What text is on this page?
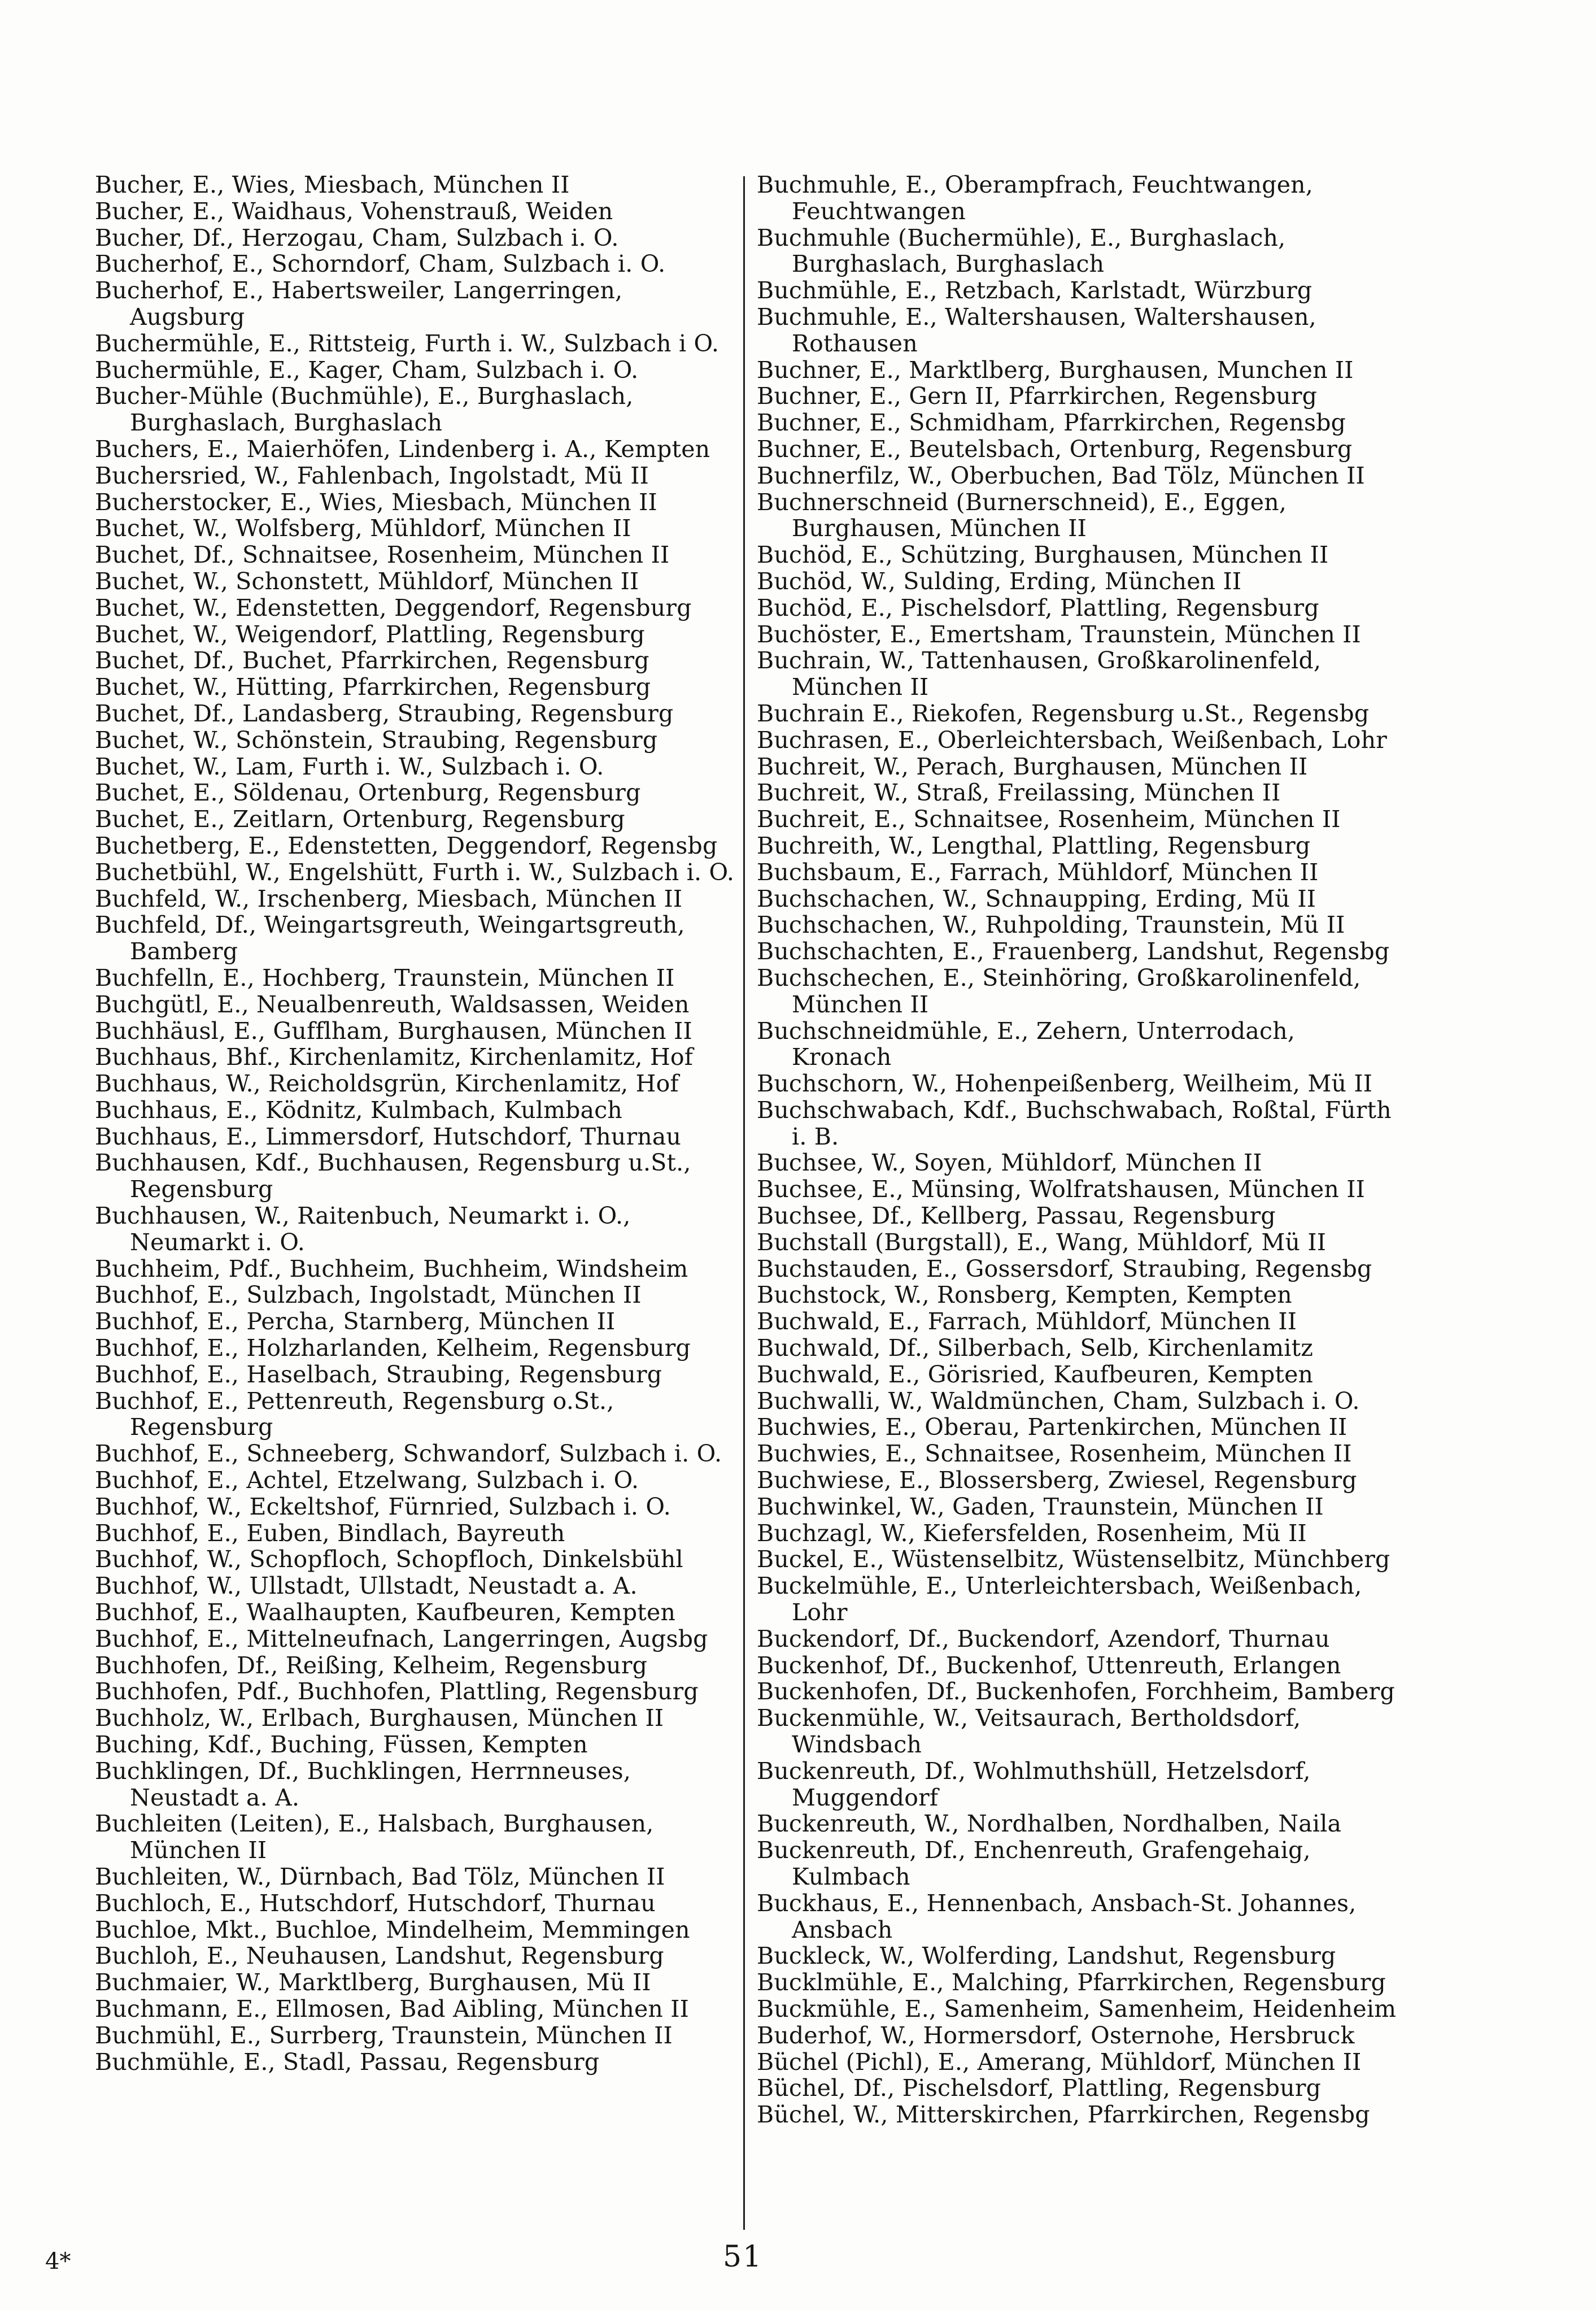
Bucher, E., Wies, Miesbach, München II
Bucher, E., Waidhaus, Vohenstrauß, Weiden
Bucher, Df., Herzogau, Cham, Sulzbach i. O.
Bucherhof, E., Schorndorf, Cham, Sulzbach i. O.
Bucherhof, E., Habertsweiler, Langerringen, Augsburg
Buchermühle, E., Rittsteig, Furth i. W., Sulzbach i O.
Buchermühle, E., Kager, Cham, Sulzbach i. O.
Bucher-Mühle (Buchmühle), E., Burghaslach, Burghaslach, Burghaslach
Buchers, E., Maierhöfen, Lindenberg i. A., Kempten
Buchersried, W., Fahlenbach, Ingolstadt, Mü II
Bucherstocker, E., Wies, Miesbach, München II
Buchet, W., Wolfsberg, Mühldorf, München II
Buchet, Df., Schnaitsee, Rosenheim, München II
Buchet, W., Schonstett, Mühldorf, München II
Buchet, W., Edenstetten, Deggendorf, Regensburg
Buchet, W., Weigendorf, Plattling, Regensburg
Buchet, Df., Buchet, Pfarrkirchen, Regensburg
Buchet, W., Hütting, Pfarrkirchen, Regensburg
Buchet, Df., Landasberg, Straubing, Regensburg
Buchet, W., Schönstein, Straubing, Regensburg
Buchet, W., Lam, Furth i. W., Sulzbach i. O.
Buchet, E., Söldenau, Ortenburg, Regensburg
Buchet, E., Zeitlarn, Ortenburg, Regensburg
Buchetberg, E., Edenstetten, Deggendorf, Regensbg
Buchetbühl, W., Engelshütt, Furth i. W., Sulzbach i. O.
Buchfeld, W., Irschenberg, Miesbach, München II
Buchfeld, Df., Weingartsgreuth, Weingartsgreuth, Bamberg
Buchfelln, E., Hochberg, Traunstein, München II
Buchgütl, E., Neualbenreuth, Waldsassen, Weiden
Buchhäusl, E., Gufflham, Burghausen, München II
Buchhaus, Bhf., Kirchenlamitz, Kirchenlamitz, Hof
Buchhaus, W., Reicholdsgrün, Kirchenlamitz, Hof
Buchhaus, E., Ködnitz, Kulmbach, Kulmbach
Buchhaus, E., Limmersdorf, Hutschdorf, Thurnau
Buchhausen, Kdf., Buchhausen, Regensburg u.St., Regensburg
Buchhausen, W., Raitenbuch, Neumarkt i. O., Neumarkt i. O.
Buchheim, Pdf., Buchheim, Buchheim, Windsheim
Buchhof, E., Sulzbach, Ingolstadt, München II
Buchhof, E., Percha, Starnberg, München II
Buchhof, E., Holzharlanden, Kelheim, Regensburg
Buchhof, E., Haselbach, Straubing, Regensburg
Buchhof, E., Pettenreuth, Regensburg o.St., Regensburg
Buchhof, E., Schneeberg, Schwandorf, Sulzbach i. O.
Buchhof, E., Achtel, Etzelwang, Sulzbach i. O.
Buchhof, W., Eckeltshof, Fürnried, Sulzbach i. O.
Buchhof, E., Euben, Bindlach, Bayreuth
Buchhof, W., Schopfloch, Schopfloch, Dinkelsbühl
Buchhof, W., Ullstadt, Ullstadt, Neustadt a. A.
Buchhof, E., Waalhaupten, Kaufbeuren, Kempten
Buchhof, E., Mittelneufnach, Langerringen, Augsbg
Buchhofen, Df., Reißing, Kelheim, Regensburg
Buchhofen, Pdf., Buchhofen, Plattling, Regensburg
Buchholz, W., Erlbach, Burghausen, München II
Buching, Kdf., Buching, Füssen, Kempten
Buchklingen, Df., Buchklingen, Herrnneuses, Neustadt a. A.
Buchleiten (Leiten), E., Halsbach, Burghausen, München II
Buchleiten, W., Dürnbach, Bad Tölz, München II
Buchloch, E., Hutschdorf, Hutschdorf, Thurnau
Buchloe, Mkt., Buchloe, Mindelheim, Memmingen
Buchloh, E., Neuhausen, Landshut, Regensburg
Buchmaier, W., Marktlberg, Burghausen, Mü II
Buchmann, E., Ellmosen, Bad Aibling, München II
Buchmühl, E., Surrberg, Traunstein, München II
Buchmühle, E., Stadl, Passau, Regensburg
Buchmuhle, E., Oberampfrach, Feuchtwangen, Feuchtwangen
Buchmuhle (Buchermühle), E., Burghaslach, Burghaslach, Burghaslach
Buchmühle, E., Retzbach, Karlstadt, Würzburg
Buchmuhle, E., Waltershausen, Waltershausen, Rothausen
Buchner, E., Marktlberg, Burghausen, Munchen II
Buchner, E., Gern II, Pfarrkirchen, Regensburg
Buchner, E., Schmidham, Pfarrkirchen, Regensbg
Buchner, E., Beutelsbach, Ortenburg, Regensburg
Buchnerfilz, W., Oberbuchen, Bad Tölz, München II
Buchnerschneid (Burnerschneid), E., Eggen, Burghausen, München II
Buchöd, E., Schützing, Burghausen, München II
Buchöd, W., Sulding, Erding, München II
Buchöd, E., Pischelsdorf, Plattling, Regensburg
Buchöster, E., Emertsham, Traunstein, München II
Buchrain, W., Tattenhausen, Großkarolinenfeld, München II
Buchrain E., Riekofen, Regensburg u.St., Regensbg
Buchrasen, E., Oberleichtersbach, Weißenbach, Lohr
Buchreit, W., Perach, Burghausen, München II
Buchreit, W., Straß, Freilassing, München II
Buchreit, E., Schnaitsee, Rosenheim, München II
Buchreith, W., Lengthal, Plattling, Regensburg
Buchsbaum, E., Farrach, Mühldorf, München II
Buchschachen, W., Schnaupping, Erding, Mü II
Buchschachen, W., Ruhpolding, Traunstein, Mü II
Buchschachten, E., Frauenberg, Landshut, Regensbg
Buchschechen, E., Steinhöring, Großkarolinenfeld, München II
Buchschneidmühle, E., Zehern, Unterrodach, Kronach
Buchschorn, W., Hohenpeißenberg, Weilheim, Mü II
Buchschwabach, Kdf., Buchschwabach, Roßtal, Fürth i. B.
Buchsee, W., Soyen, Mühldorf, München II
Buchsee, E., Münsing, Wolfratshausen, München II
Buchsee, Df., Kellberg, Passau, Regensburg
Buchstall (Burgstall), E., Wang, Mühldorf, Mü II
Buchstauden, E., Gossersdorf, Straubing, Regensbg
Buchstock, W., Ronsberg, Kempten, Kempten
Buchwald, E., Farrach, Mühldorf, München II
Buchwald, Df., Silberbach, Selb, Kirchenlamitz
Buchwald, E., Görisried, Kaufbeuren, Kempten
Buchwalli, W., Waldmünchen, Cham, Sulzbach i. O.
Buchwies, E., Oberau, Partenkirchen, München II
Buchwies, E., Schnaitsee, Rosenheim, München II
Buchwiese, E., Blossersberg, Zwiesel, Regensburg
Buchwinkel, W., Gaden, Traunstein, München II
Buchzagl, W., Kiefersfelden, Rosenheim, Mü II
Buckel, E., Wüstenselbitz, Wüstenselbitz, Münchberg
Buckelmühle, E., Unterleichtersbach, Weißenbach, Lohr
Buckendorf, Df., Buckendorf, Azendorf, Thurnau
Buckenhof, Df., Buckenhof, Uttenreuth, Erlangen
Buckenhofen, Df., Buckenhofen, Forchheim, Bamberg
Buckenmühle, W., Veitsaurach, Bertholdsdorf, Windsbach
Buckenreuth, Df., Wohlmuthshüll, Hetzelsdorf, Muggendorf
Buckenreuth, W., Nordhalben, Nordhalben, Naila
Buckenreuth, Df., Enchenreuth, Grafengehaig, Kulmbach
Buckhaus, E., Hennenbach, Ansbach-St. Johannes, Ansbach
Buckleck, W., Wolferding, Landshut, Regensburg
Bucklmühle, E., Malching, Pfarrkirchen, Regensburg
Buckmühle, E., Samenheim, Samenheim, Heidenheim
Buderhof, W., Hormersdorf, Osternohe, Hersbruck
Büchel (Pichl), E., Amerang, Mühldorf, München II
Büchel, Df., Pischelsdorf, Plattling, Regensburg
Büchel, W., Mitterskirchen, Pfarrkirchen, Regensbg
4*	51
